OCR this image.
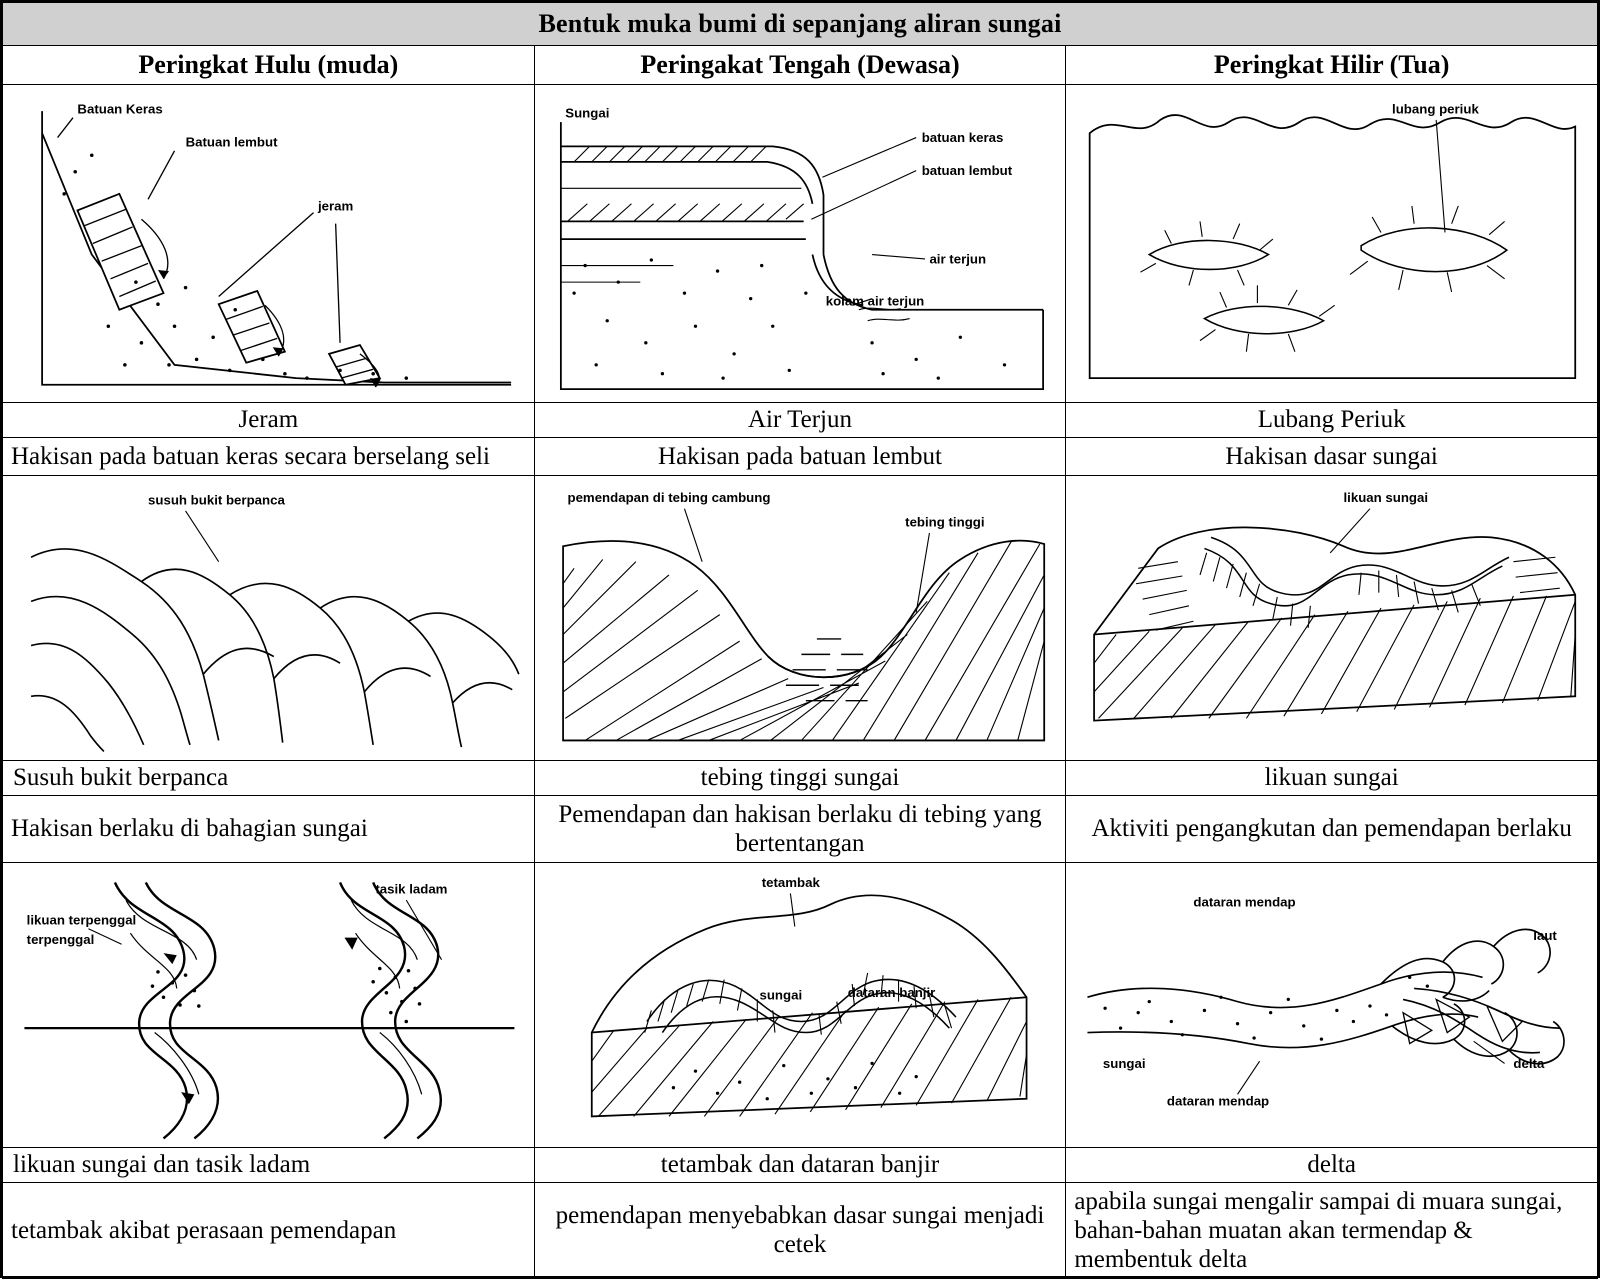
Bentuk muka bumi di sepanjang aliran sungai		
Peringkat Hulu (muda)	Peringakat Tengah (Dewasa)	Peringkat Hilir (Tua)

Batuan Keras
Batuan lembut
jeram	Sungai
batuan keras
batuan lembut
air terjun
kolam air terjun	lubang periuk

Jeram	Air Terjun	Lubang Periuk
Hakisan pada batuan keras secara berselang seli	Hakisan pada batuan lembut	Hakisan dasar sungai

susuh bukit berpanca	pemendapan di tebing cambung
tebing tinggi	likuan sungai

Susuh bukit berpanca	tebing tinggi sungai	likuan sungai
Hakisan berlaku di bahagian sungai	Pemendapan dan hakisan berlaku di tebing yang bertentangan	Aktiviti pengangkutan dan pemendapan berlaku

likuan terpenggal
terpenggal
tasik ladam	tetambak
sungai dataran banjir	dataran mendap
laut
sungai delta
dataran mendap

likuan sungai dan tasik ladam	tetambak dan dataran banjir	delta
tetambak akibat perasaan pemendapan	pemendapan menyebabkan dasar sungai menjadi cetek	apabila sungai mengalir sampai di muara sungai, bahan-bahan muatan akan termendap & membentuk delta
